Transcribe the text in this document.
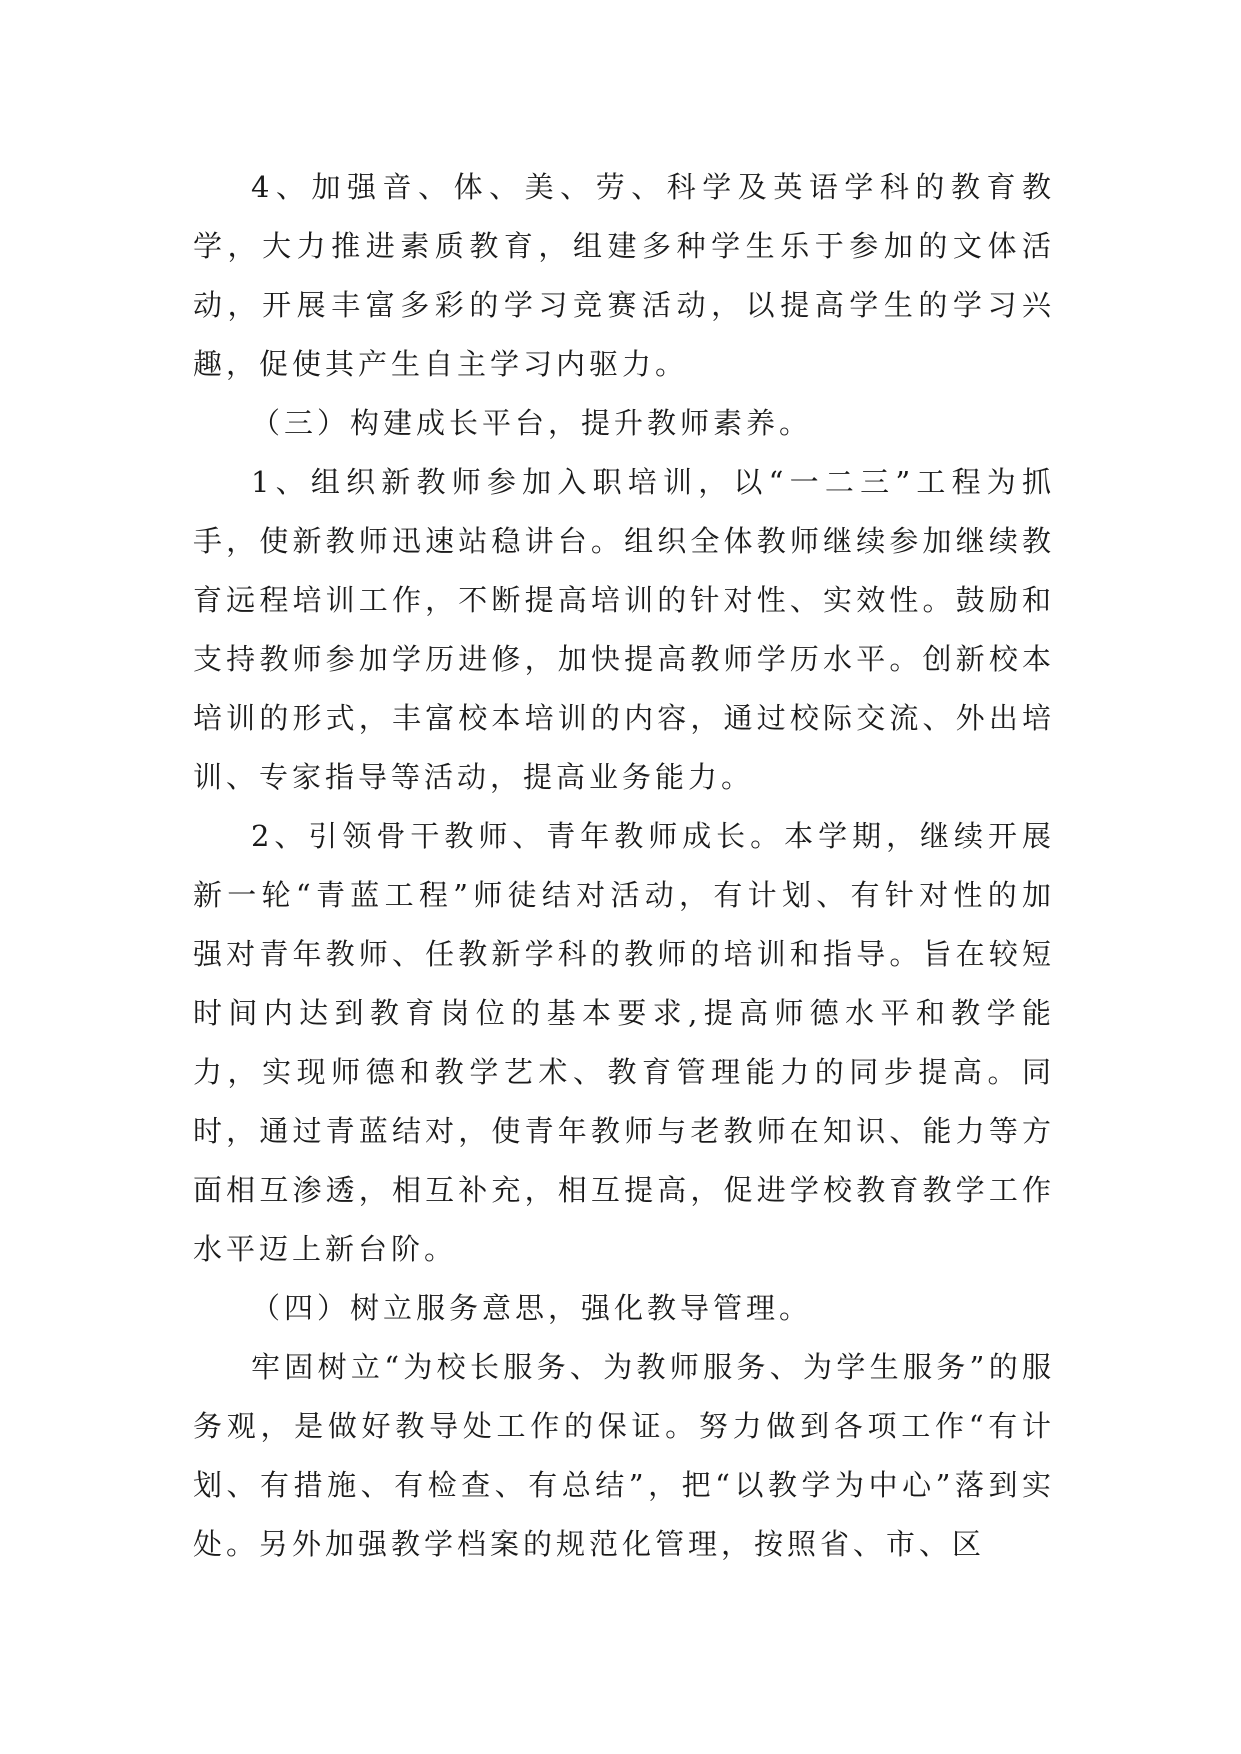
4、加强音、体、美、劳、科学及英语学科的教育教学，大力推进素质教育，组建多种学生乐于参加的文体活动，开展丰富多彩的学习竞赛活动，以提高学生的学习兴趣，促使其产生自主学习内驱力。

（三）构建成长平台，提升教师素养。

1、组织新教师参加入职培训，以“一二三”工程为抓手，使新教师迅速站稳讲台。组织全体教师继续参加继续教育远程培训工作，不断提高培训的针对性、实效性。鼓励和支持教师参加学历进修，加快提高教师学历水平。创新校本培训的形式，丰富校本培训的内容，通过校际交流、外出培训、专家指导等活动，提高业务能力。

2、引领骨干教师、青年教师成长。本学期，继续开展新一轮“青蓝工程”师徒结对活动，有计划、有针对性的加强对青年教师、任教新学科的教师的培训和指导。旨在较短时间内达到教育岗位的基本要求,提高师德水平和教学能力，实现师德和教学艺术、教育管理能力的同步提高。同时，通过青蓝结对，使青年教师与老教师在知识、能力等方面相互渗透，相互补充，相互提高，促进学校教育教学工作水平迈上新台阶。

（四）树立服务意思，强化教导管理。

牢固树立“为校长服务、为教师服务、为学生服务”的服务观，是做好教导处工作的保证。努力做到各项工作“有计划、有措施、有检查、有总结”，把“以教学为中心”落到实处。另外加强教学档案的规范化管理，按照省、市、区
